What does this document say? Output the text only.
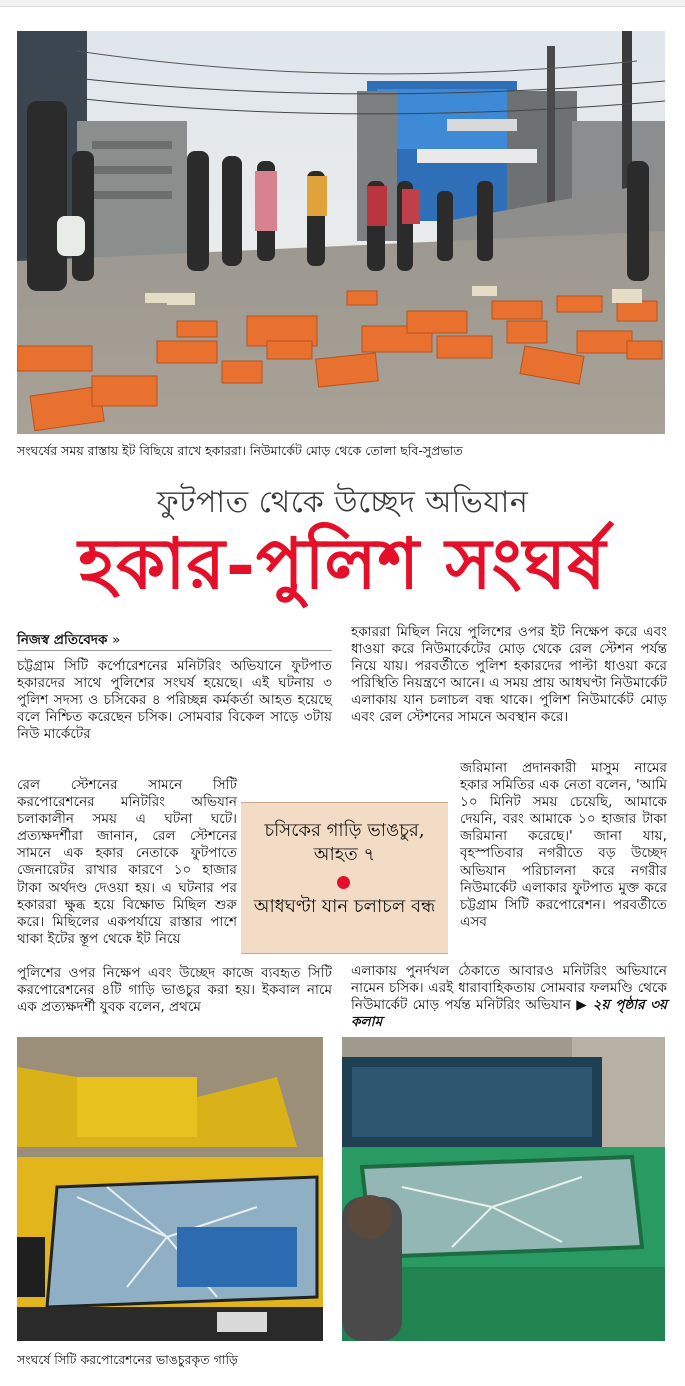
সংঘর্ষের সময় রাস্তায় ইট বিছিয়ে রাখে হকাররা। নিউমার্কেট মোড় থেকে তোলা ছবি-সুপ্রভাত
ফুটপাত থেকে উচ্ছেদ অভিযান
হকার-পুলিশ সংঘর্ষ
নিজস্ব প্রতিবেদক »

চট্টগ্রাম সিটি কর্পোরেশনের মনিটরিং অভিযানে ফুটপাত হকারদের সাথে পুলিশের সংঘর্ষ হয়েছে। এই ঘটনায় ৩ পুলিশ সদস্য ও চসিকের ৪ পরিচ্ছন্ন কর্মকর্তা আহত হয়েছে বলে নিশ্চিত করেছেন চসিক। সোমবার বিকেল সাড়ে ৩টায় নিউ মার্কেটের

রেল স্টেশনের সামনে সিটি করপোরেশনের মনিটরিং অভিযান চলাকালীন সময় এ ঘটনা ঘটে। প্রত্যক্ষদর্শীরা জানান, রেল স্টেশনের সামনে এক হকার নেতাকে ফুটপাতে জেনারেটর রাখার কারণে ১০ হাজার টাকা অর্থদণ্ড দেওয়া হয়। এ ঘটনার পর হকাররা ক্ষুব্ধ হয়ে বিক্ষোভ মিছিল শুরু করে। মিছিলের একপর্যায়ে রাস্তার পাশে থাকা ইটের স্তূপ থেকে ইট নিয়ে

পুলিশের ওপর নিক্ষেপ এবং উচ্ছেদ কাজে ব্যবহৃত সিটি করপোরেশনের ৪টি গাড়ি ভাঙচুর করা হয়। ইকবাল নামে এক প্রত্যক্ষদর্শী যুবক বলেন, প্রথমে

হকাররা মিছিল নিয়ে পুলিশের ওপর ইট নিক্ষেপ করে এবং ধাওয়া করে নিউমার্কেটের মোড় থেকে রেল স্টেশন পর্যন্ত নিয়ে যায়। পরবর্তীতে পুলিশ হকারদের পাল্টা ধাওয়া করে পরিস্থিতি নিয়ন্ত্রণে আনে। এ সময় প্রায় আধঘণ্টা নিউমার্কেট এলাকায় যান চলাচল বন্ধ থাকে। পুলিশ নিউমার্কেট মোড় এবং রেল স্টেশনের সামনে অবস্থান করে।

জরিমানা প্রদানকারী মাসুম নামের হকার সমিতির এক নেতা বলেন, 'আমি ১০ মিনিট সময় চেয়েছি, আমাকে দেয়নি, বরং আমাকে ১০ হাজার টাকা জরিমানা করেছে।' জানা যায়, বৃহস্পতিবার নগরীতে বড় উচ্ছেদ অভিযান পরিচালনা করে নগরীর নিউমার্কেট এলাকার ফুটপাত মুক্ত করে চট্টগ্রাম সিটি করপোরেশন। পরবর্তীতে এসব

এলাকায় পুনর্দখল ঠেকাতে আবারও মনিটরিং অভিযানে নামেন চসিক। এরই ধারাবাহিকতায় সোমবার ফলমণ্ডি থেকে নিউমার্কেট মোড় পর্যন্ত মনিটরিং অভিযান ▶ ২য় পৃষ্ঠার ৩য় কলাম

চসিকের গাড়ি ভাঙচুর, আহত ৭
আধঘণ্টা যান চলাচল বন্ধ
সংঘর্ষে সিটি করপোরেশনের ভাঙচুরকৃত গাড়ি
